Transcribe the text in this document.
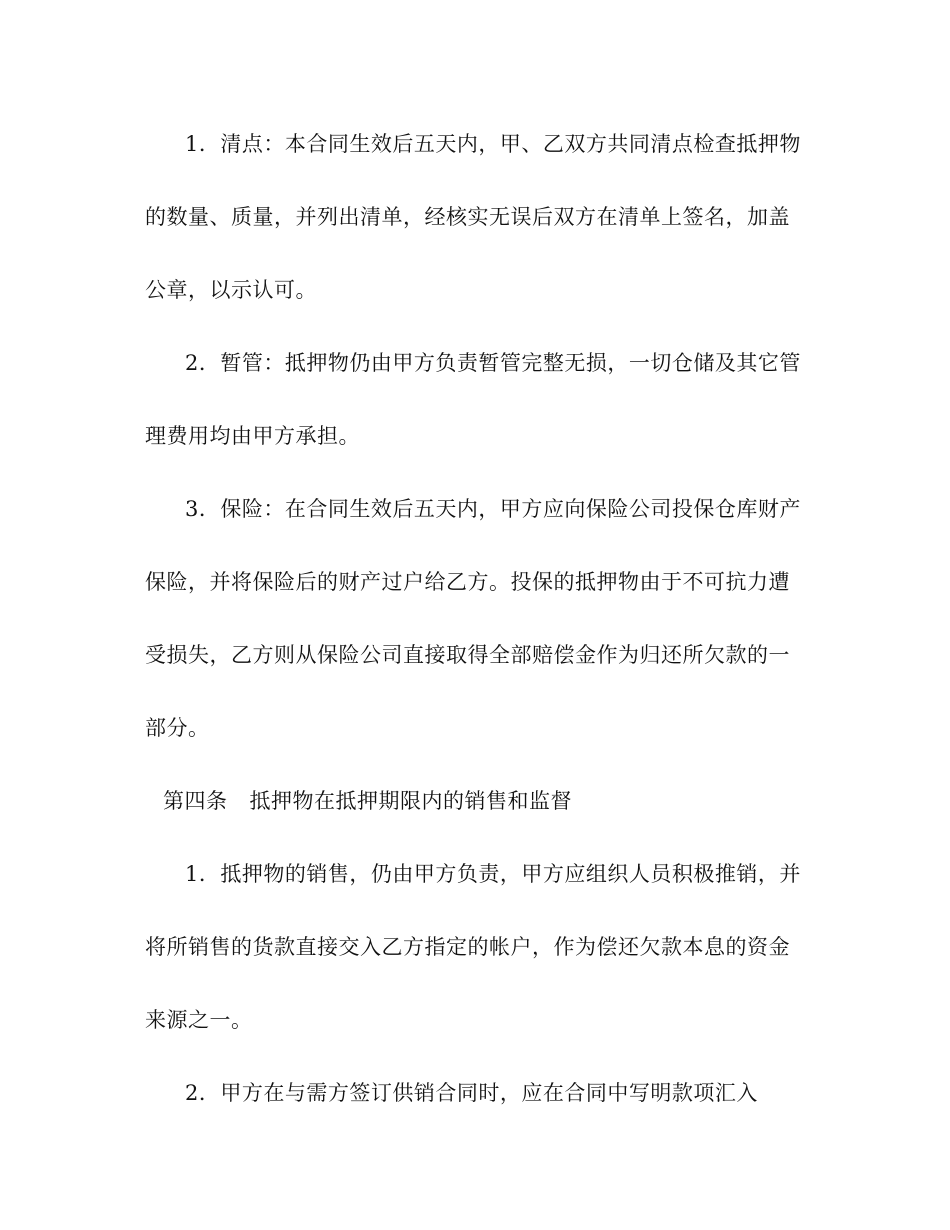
1．清点：本合同生效后五天内，甲、乙双方共同清点检查抵押物
的数量、质量，并列出清单，经核实无误后双方在清单上签名，加盖
公章，以示认可。
2．暂管：抵押物仍由甲方负责暂管完整无损，一切仓储及其它管
理费用均由甲方承担。
3．保险：在合同生效后五天内，甲方应向保险公司投保仓库财产
保险，并将保险后的财产过户给乙方。投保的抵押物由于不可抗力遭
受损失，乙方则从保险公司直接取得全部赔偿金作为归还所欠款的一
部分。
第四条 抵押物在抵押期限内的销售和监督
1．抵押物的销售，仍由甲方负责，甲方应组织人员积极推销，并
将所销售的货款直接交入乙方指定的帐户，作为偿还欠款本息的资金
来源之一。
2．甲方在与需方签订供销合同时，应在合同中写明款项汇入
